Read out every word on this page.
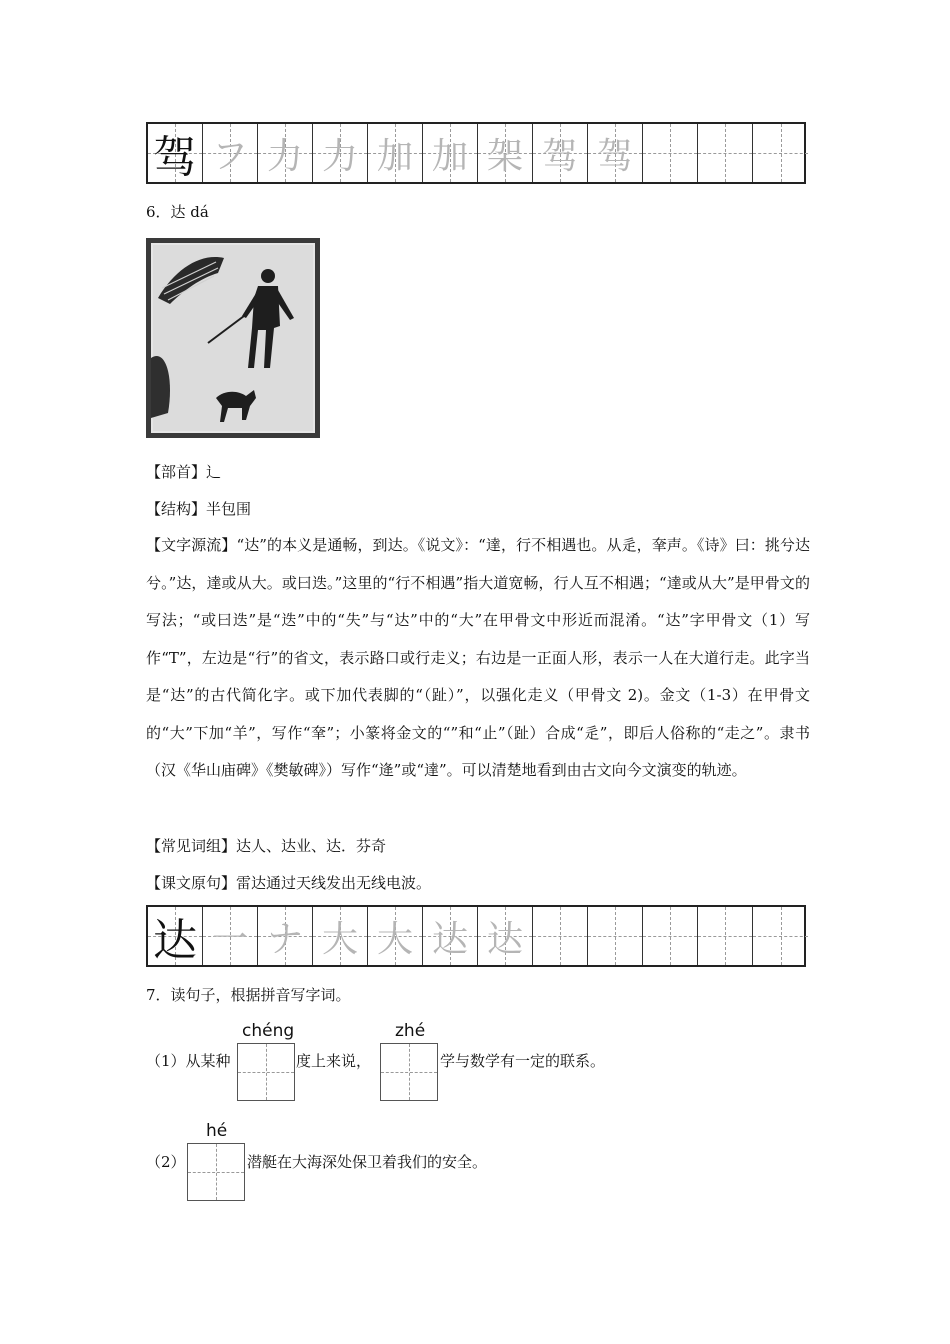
驾 フ 力 力 加 加 架 驾 驾
6．达 dá
【部首】辶
【结构】半包围
【文字源流】“达”的本义是通畅，到达。《说文》：“達，行不相遇也。从辵，羍声。《诗》曰：挑兮达兮。”达，達或从大。或曰迭。”这里的“行不相遇”指大道宽畅，行人互不相遇；“達或从大”是甲骨文的写法；“或曰迭”是“迭”中的“失”与“达”中的“大”在甲骨文中形近而混淆。“达”字甲骨文（1）写作“T”，左边是“行”的省文，表示路口或行走义；右边是一正面人形，表示一人在大道行走。此字当是“达”的古代简化字。或下加代表脚的“（趾）”，以强化走义（甲骨文 2)。金文（1-3）在甲骨文的“大”下加“羊”，写作“羍”；小篆将金文的“”和“止”（趾）合成“辵”，即后人俗称的“走之”。隶书（汉《华山庙碑》《樊敏碑》）写作“逄”或“達”。可以清楚地看到由古文向今文演变的轨迹。
【常见词组】达人、达业、达．芬奇
【课文原句】雷达通过天线发出无线电波。
达 一 ナ 大 大 达 达
7．读句子，根据拼音写字词。
chéng	zhé
（1）从某种	度上来说，	学与数学有一定的联系。
hé
（2）	潜艇在大海深处保卫着我们的安全。
